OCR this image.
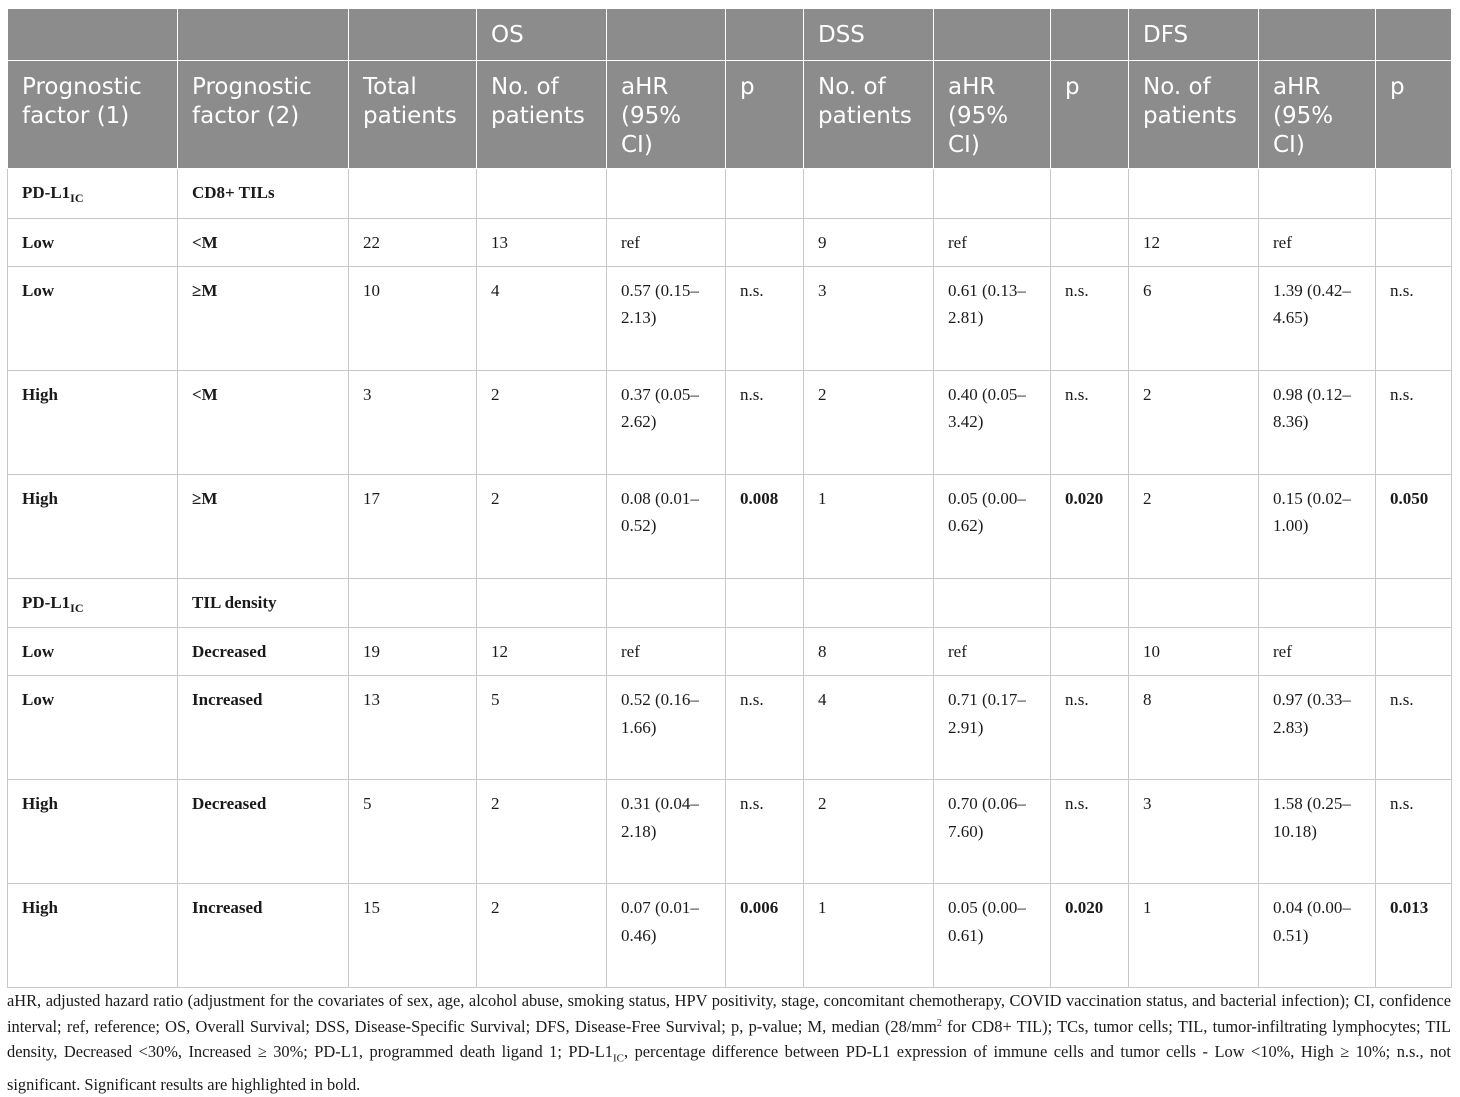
			OS			DSS			DFS		
Prognostic factor (1)	Prognostic factor (2)	Total patients	No. of patients	aHR (95% CI)	p	No. of patients	aHR (95% CI)	p	No. of patients	aHR (95% CI)	p
$PD-L1_{IC}$	CD8+ TILs										
Low	<M	22	13	ref		9	ref		12	ref	
Low	≥M	10	4	0.57 (0.15–2.13)	n.s.	3	0.61 (0.13–2.81)	n.s.	6	1.39 (0.42–4.65)	n.s.
High	<M	3	2	0.37 (0.05–2.62)	n.s.	2	0.40 (0.05–3.42)	n.s.	2	0.98 (0.12–8.36)	n.s.
High	≥M	17	2	0.08 (0.01–0.52)	0.008	1	0.05 (0.00–0.62)	0.020	2	0.15 (0.02–1.00)	0.050
$PD-L1_{IC}$	TIL density										
Low	Decreased	19	12	ref		8	ref		10	ref	
Low	Increased	13	5	0.52 (0.16–1.66)	n.s.	4	0.71 (0.17–2.91)	n.s.	8	0.97 (0.33–2.83)	n.s.
High	Decreased	5	2	0.31 (0.04–2.18)	n.s.	2	0.70 (0.06–7.60)	n.s.	3	1.58 (0.25–10.18)	n.s.
High	Increased	15	2	0.07 (0.01–0.46)	0.006	1	0.05 (0.00–0.61)	0.020	1	0.04 (0.00–0.51)	0.013
aHR, adjusted hazard ratio (adjustment for the covariates of sex, age, alcohol abuse, smoking status, HPV positivity, stage, concomitant chemotherapy, COVID vaccination status, and bacterial infection); CI, confidence interval; ref, reference; OS, Overall Survival; DSS, Disease-Specific Survival; DFS, Disease-Free Survival; p, p-value; M, median ($28/mm^2$ for CD8+ TIL); TCs, tumor cells; TIL, tumor-infiltrating lymphocytes; TIL density, Decreased <30%, Increased ≥ 30%; PD-L1, programmed death ligand 1; $PD-L1_{IC}$, percentage difference between PD-L1 expression of immune cells and tumor cells - Low <10%, High ≥ 10%; n.s., not significant. Significant results are highlighted in bold.
